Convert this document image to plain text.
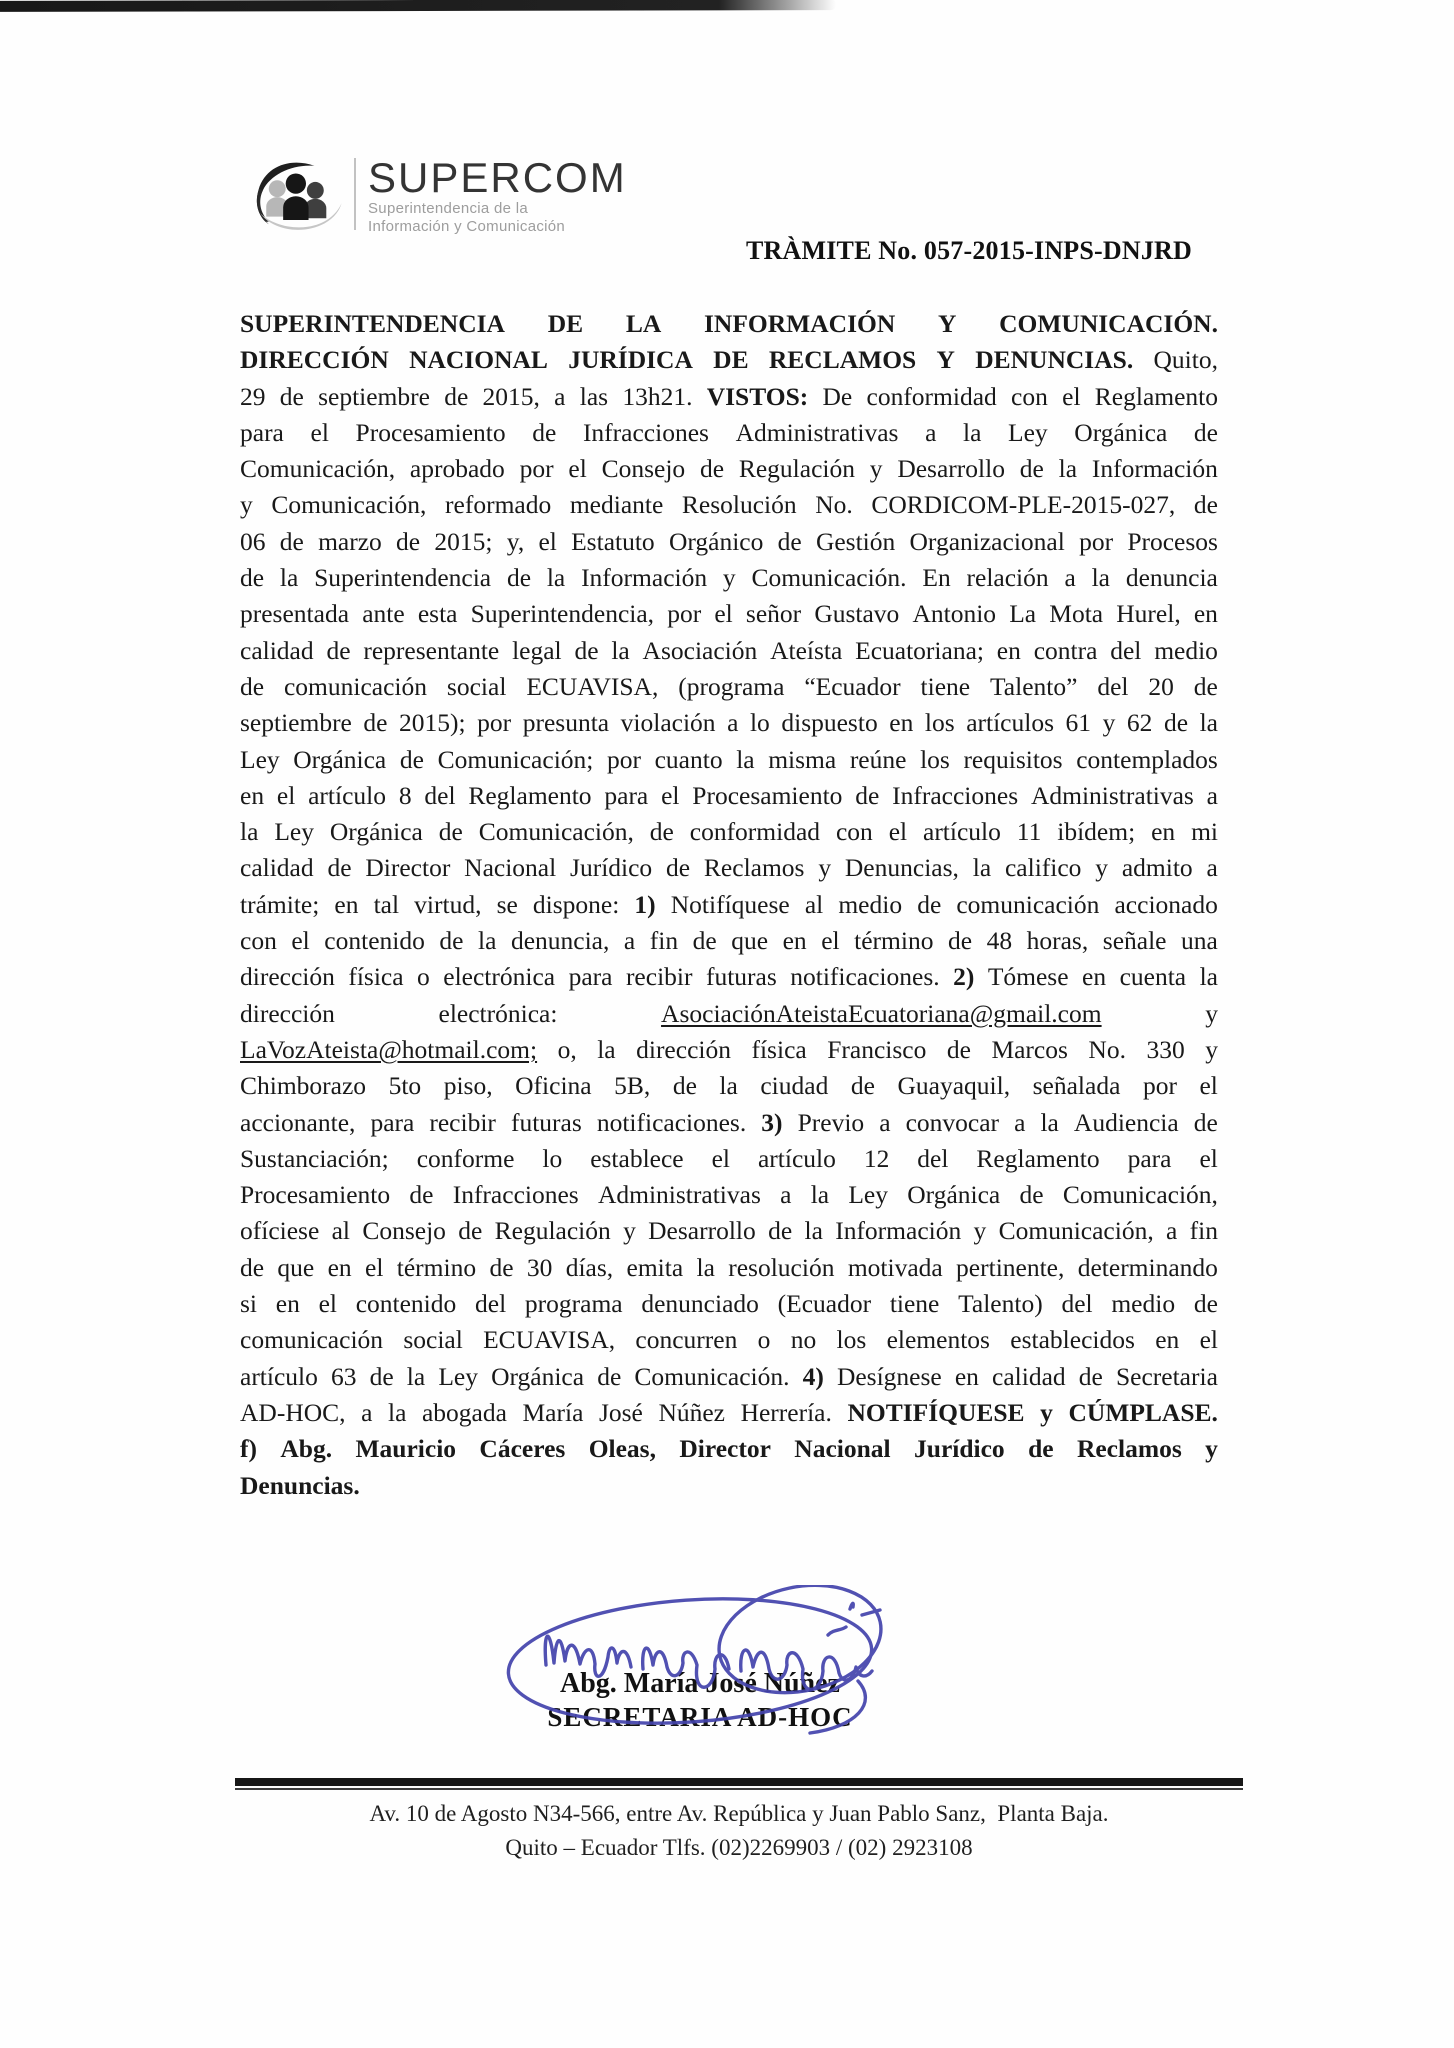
SUPERCOM
Superintendencia de la
Información y Comunicación
TRÀMITE No. 057-2015-INPS-DNJRD
SUPERINTENDENCIA DE LA INFORMACIÓN Y COMUNICACIÓN.
DIRECCIÓN NACIONAL JURÍDICA DE RECLAMOS Y DENUNCIAS. Quito,
29 de septiembre de 2015, a las 13h21. VISTOS: De conformidad con el Reglamento
para el Procesamiento de Infracciones Administrativas a la Ley Orgánica de
Comunicación, aprobado por el Consejo de Regulación y Desarrollo de la Información
y Comunicación, reformado mediante Resolución No. CORDICOM-PLE-2015-027, de
06 de marzo de 2015; y, el Estatuto Orgánico de Gestión Organizacional por Procesos
de la Superintendencia de la Información y Comunicación. En relación a la denuncia
presentada ante esta Superintendencia, por el señor Gustavo Antonio La Mota Hurel, en
calidad de representante legal de la Asociación Ateísta Ecuatoriana; en contra del medio
de comunicación social ECUAVISA, (programa “Ecuador tiene Talento” del 20 de
septiembre de 2015); por presunta violación a lo dispuesto en los artículos 61 y 62 de la
Ley Orgánica de Comunicación; por cuanto la misma reúne los requisitos contemplados
en el artículo 8 del Reglamento para el Procesamiento de Infracciones Administrativas a
la Ley Orgánica de Comunicación, de conformidad con el artículo 11 ibídem; en mi
calidad de Director Nacional Jurídico de Reclamos y Denuncias, la califico y admito a
trámite; en tal virtud, se dispone: 1) Notifíquese al medio de comunicación accionado
con el contenido de la denuncia, a fin de que en el término de 48 horas, señale una
dirección física o electrónica para recibir futuras notificaciones. 2) Tómese en cuenta la
dirección	electrónica:	AsociaciónAteistaEcuatoriana@gmail.com	y
LaVozAteista@hotmail.com; o, la dirección física Francisco de Marcos No. 330 y
Chimborazo 5to piso, Oficina 5B, de la ciudad de Guayaquil, señalada por el
accionante, para recibir futuras notificaciones. 3) Previo a convocar a la Audiencia de
Sustanciación; conforme lo establece el artículo 12 del Reglamento para el
Procesamiento de Infracciones Administrativas a la Ley Orgánica de Comunicación,
ofíciese al Consejo de Regulación y Desarrollo de la Información y Comunicación, a fin
de que en el término de 30 días, emita la resolución motivada pertinente, determinando
si en el contenido del programa denunciado (Ecuador tiene Talento) del medio de
comunicación social ECUAVISA, concurren o no los elementos establecidos en el
artículo 63 de la Ley Orgánica de Comunicación. 4) Desígnese en calidad de Secretaria
AD-HOC, a la abogada María José Núñez Herrería. NOTIFÍQUESE y CÚMPLASE.
f) Abg. Mauricio Cáceres Oleas, Director Nacional Jurídico de Reclamos y
Denuncias.
Abg. María José Núñez
SECRETARIA AD-HOC
Av. 10 de Agosto N34-566, entre Av. República y Juan Pablo Sanz,  Planta Baja.
Quito – Ecuador Tlfs. (02)2269903 / (02) 2923108
